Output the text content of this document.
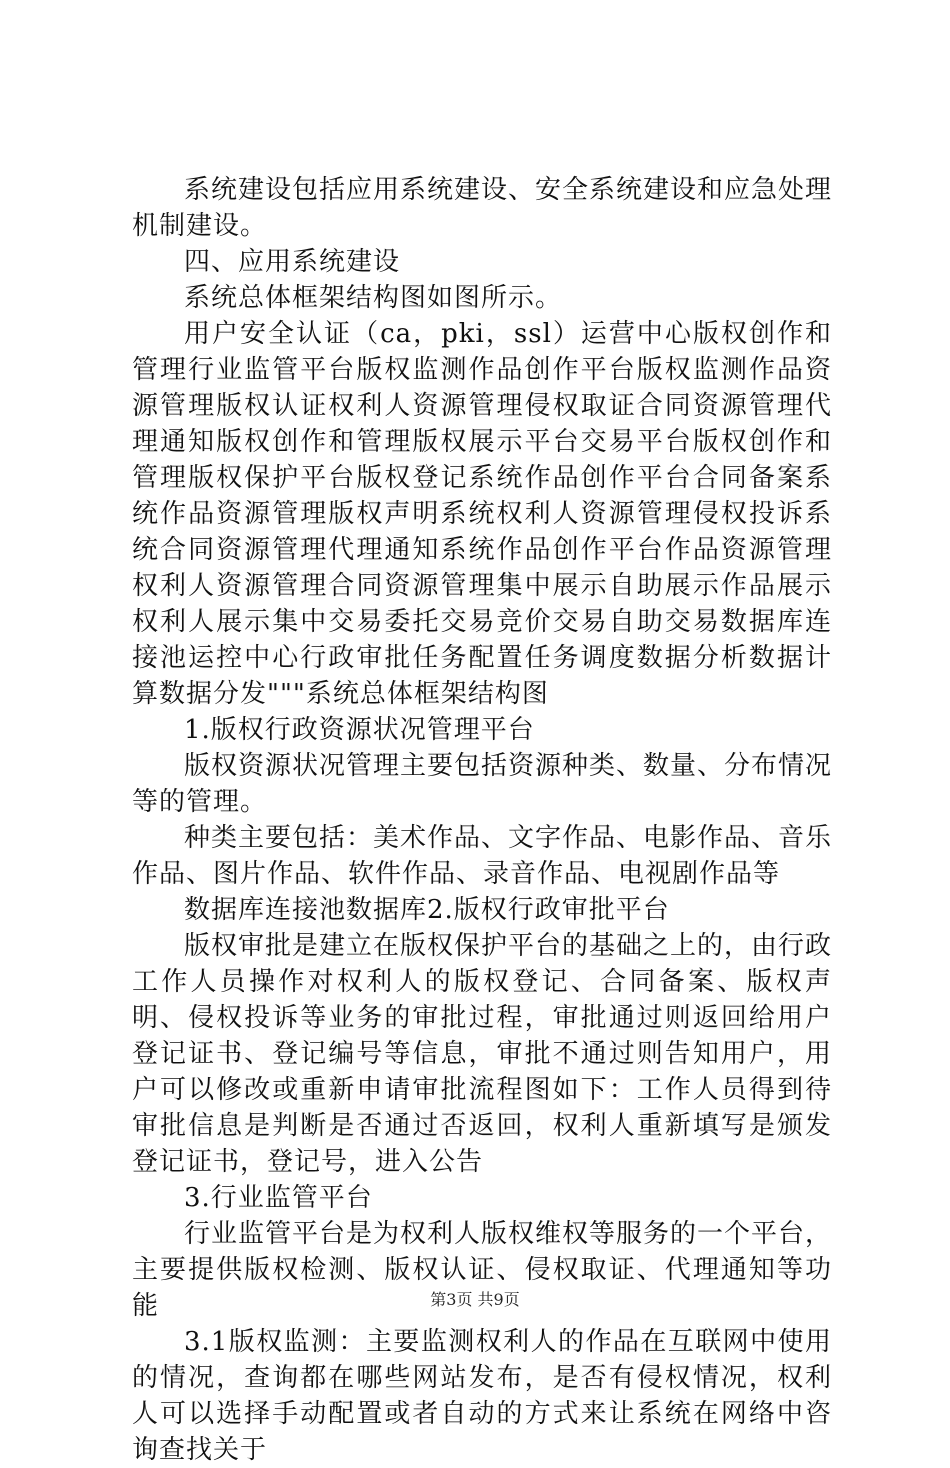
系统建设包括应用系统建设、安全系统建设和应急处理机制建设。

四、应用系统建设

系统总体框架结构图如图所示。

用户安全认证（ca，pki，ssl）运营中心版权创作和管理行业监管平台版权监测作品创作平台版权监测作品资源管理版权认证权利人资源管理侵权取证合同资源管理代理通知版权创作和管理版权展示平台交易平台版权创作和管理版权保护平台版权登记系统作品创作平台合同备案系统作品资源管理版权声明系统权利人资源管理侵权投诉系统合同资源管理代理通知系统作品创作平台作品资源管理权利人资源管理合同资源管理集中展示自助展示作品展示权利人展示集中交易委托交易竞价交易自助交易数据库连接池运控中心行政审批任务配置任务调度数据分析数据计算数据分发"""系统总体框架结构图

1.版权行政资源状况管理平台

版权资源状况管理主要包括资源种类、数量、分布情况等的管理。

种类主要包括：美术作品、文字作品、电影作品、音乐作品、图片作品、软件作品、录音作品、电视剧作品等

数据库连接池数据库2.版权行政审批平台

版权审批是建立在版权保护平台的基础之上的，由行政工作人员操作对权利人的版权登记、合同备案、版权声明、侵权投诉等业务的审批过程，审批通过则返回给用户登记证书、登记编号等信息，审批不通过则告知用户，用户可以修改或重新申请审批流程图如下：工作人员得到待审批信息是判断是否通过否返回，权利人重新填写是颁发登记证书，登记号，进入公告

3.行业监管平台

行业监管平台是为权利人版权维权等服务的一个平台，主要提供版权检测、版权认证、侵权取证、代理通知等功能

3.1版权监测：主要监测权利人的作品在互联网中使用的情况，查询都在哪些网站发布，是否有侵权情况，权利人可以选择手动配置或者自动的方式来让系统在网络中咨询查找关于

第3页 共9页
